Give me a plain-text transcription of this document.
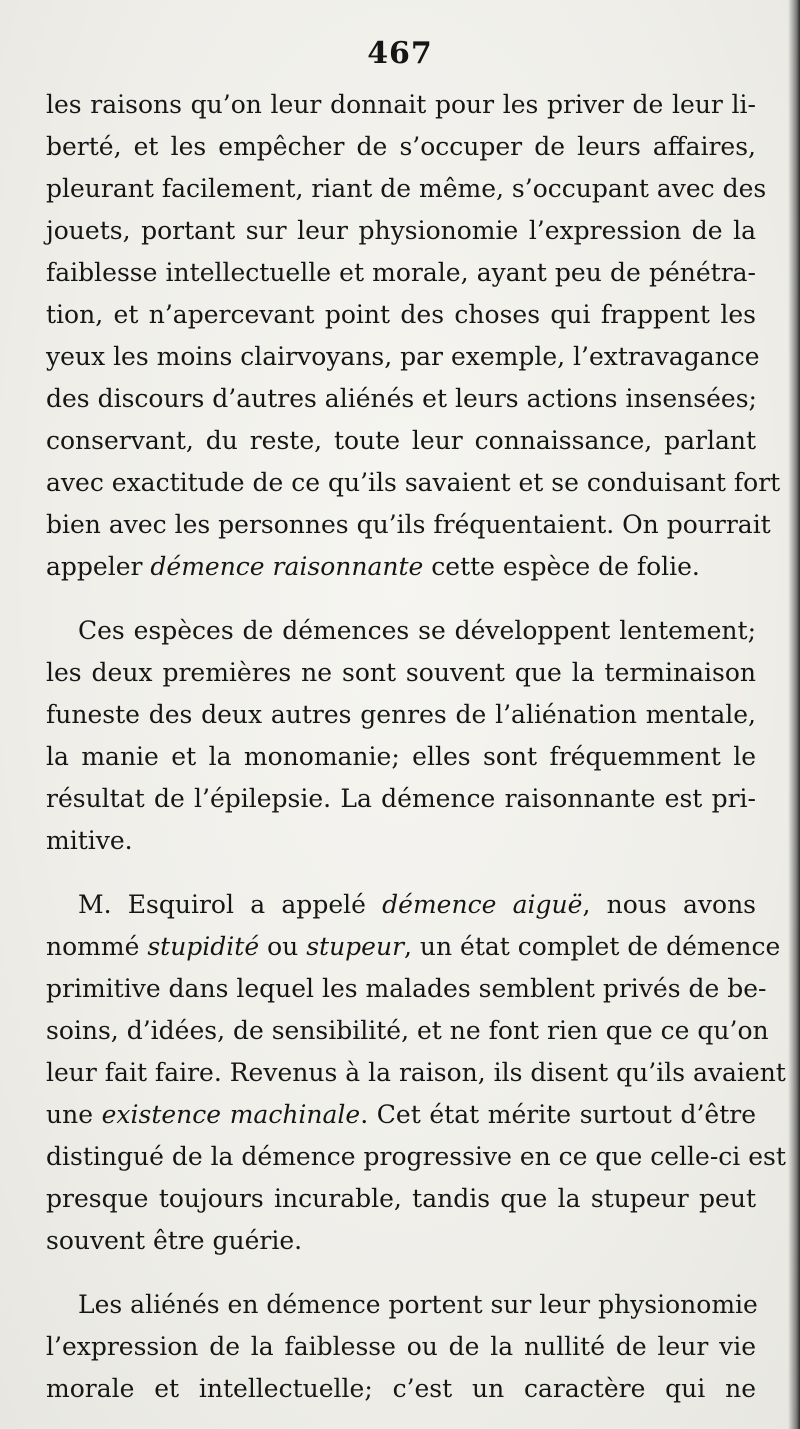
467
les raisons qu’on leur donnait pour les priver de leur li-
berté, et les empêcher de s’occuper de leurs affaires,
pleurant facilement, riant de même, s’occupant avec des
jouets, portant sur leur physionomie l’expression de la
faiblesse intellectuelle et morale, ayant peu de pénétra-
tion, et n’apercevant point des choses qui frappent les
yeux les moins clairvoyans, par exemple, l’extravagance
des discours d’autres aliénés et leurs actions insensées;
conservant, du reste, toute leur connaissance, parlant
avec exactitude de ce qu’ils savaient et se conduisant fort
bien avec les personnes qu’ils fréquentaient. On pourrait
appeler démence raisonnante cette espèce de folie.
Ces espèces de démences se développent lentement;
les deux premières ne sont souvent que la terminaison
funeste des deux autres genres de l’aliénation mentale,
la manie et la monomanie; elles sont fréquemment le
résultat de l’épilepsie. La démence raisonnante est pri-
mitive.
M. Esquirol a appelé démence aiguë, nous avons
nommé stupidité ou stupeur, un état complet de démence
primitive dans lequel les malades semblent privés de be-
soins, d’idées, de sensibilité, et ne font rien que ce qu’on
leur fait faire. Revenus à la raison, ils disent qu’ils avaient
une existence machinale. Cet état mérite surtout d’être
distingué de la démence progressive en ce que celle-ci est
presque toujours incurable, tandis que la stupeur peut
souvent être guérie.
Les aliénés en démence portent sur leur physionomie
l’expression de la faiblesse ou de la nullité de leur vie
morale et intellectuelle; c’est un caractère qui ne
